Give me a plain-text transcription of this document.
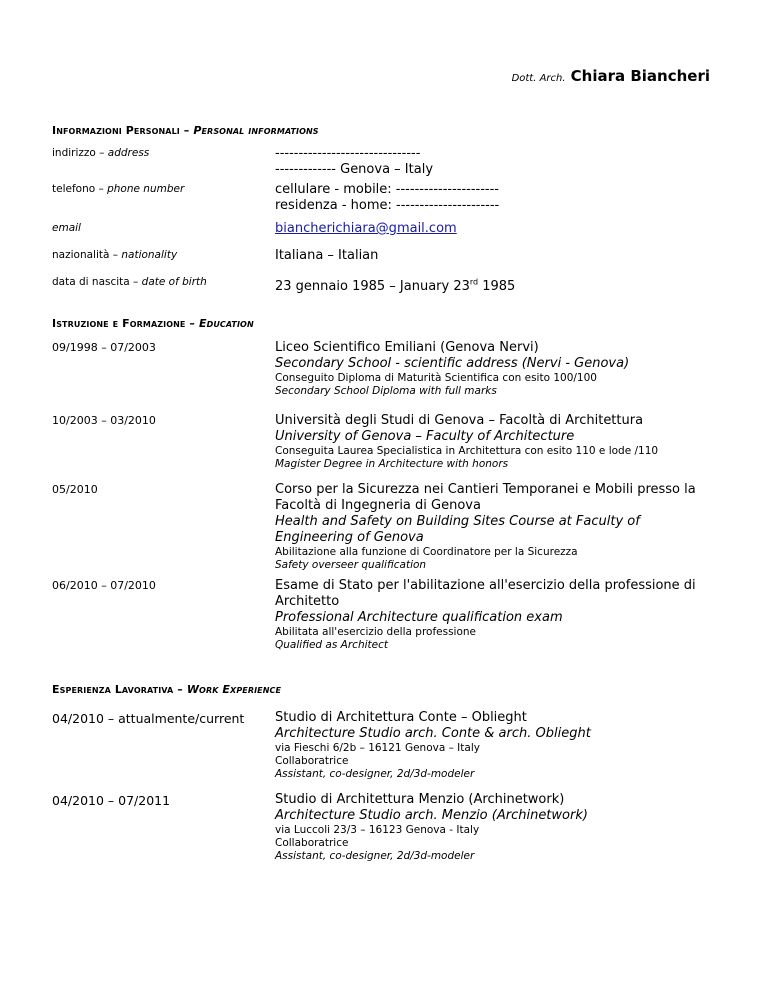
Dott. Arch. Chiara Biancheri
Informazioni Personali – Personal informations
indirizzo – address	-------------------------------
------------- Genova – Italy
telefono – phone number	cellulare - mobile: ----------------------
residenza - home: ----------------------
email	biancherichiara@gmail.com
nazionalità – nationality	Italiana – Italian
data di nascita – date of birth	23 gennaio 1985 – January 23rd 1985
Istruzione e Formazione – Education
09/1998 – 07/2003	Liceo Scientifico Emiliani (Genova Nervi)
Secondary School - scientific address (Nervi - Genova)
Conseguito Diploma di Maturità Scientifica con esito 100/100
Secondary School Diploma with full marks
10/2003 – 03/2010	Università degli Studi di Genova – Facoltà di Architettura
University of Genova – Faculty of Architecture
Conseguita Laurea Specialistica in Architettura con esito 110 e lode /110
Magister Degree in Architecture with honors
05/2010	Corso per la Sicurezza nei Cantieri Temporanei e Mobili presso la Facoltà di Ingegneria di Genova
Health and Safety on Building Sites Course at Faculty of Engineering of Genova
Abilitazione alla funzione di Coordinatore per la Sicurezza
Safety overseer qualification
06/2010 – 07/2010	Esame di Stato per l'abilitazione all'esercizio della professione di Architetto
Professional Architecture qualification exam
Abilitata all'esercizio della professione
Qualified as Architect
Esperienza Lavorativa – Work Experience
04/2010 – attualmente/current	Studio di Architettura Conte – Oblieght
Architecture Studio arch. Conte & arch. Oblieght
via Fieschi 6/2b – 16121 Genova – Italy
Collaboratrice
Assistant, co-designer, 2d/3d-modeler
04/2010 – 07/2011	Studio di Architettura Menzio (Archinetwork)
Architecture Studio arch. Menzio (Archinetwork)
via Luccoli 23/3 – 16123 Genova - Italy
Collaboratrice
Assistant, co-designer, 2d/3d-modeler
